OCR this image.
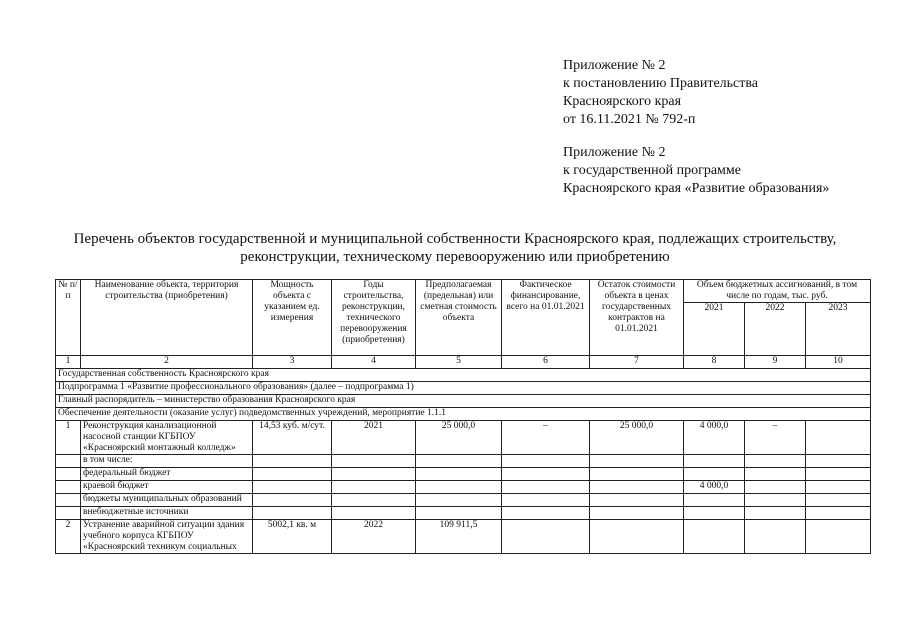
Приложение № 2
к постановлению Правительства
Красноярского края
от 16.11.2021 № 792-п
Приложение № 2
к государственной программе
Красноярского края «Развитие образования»
Перечень объектов государственной и муниципальной собственности Красноярского края, подлежащих строительству,
реконструкции, техническому перевооружению или приобретению
№ п/п	Наименование объекта, территория строительства (приобретения)	Мощность объекта с указанием ед. измерения	Годы строительства, реконструкции, технического перевооружения (приобретения)	Предполагаемая (предельная) или сметная стоимость объекта	Фактическое финансирование, всего на 01.01.2021	Остаток стоимости объекта в ценах государственных контрактов на 01.01.2021	Объем бюджетных ассигнований, в том числе по годам, тыс. руб.		
							2021	2022	2023
1	2	3	4	5	6	7	8	9	10
Государственная собственность Красноярского края									
Подпрограмма 1 «Развитие профессионального образования» (далее – подпрограмма 1)									
Главный распорядитель – министерство образования Красноярского края									
Обеспечение деятельности (оказание услуг) подведомственных учреждений, мероприятие 1.1.1									
1	Реконструкция канализационной насосной станции КГБПОУ «Красноярский монтажный колледж»	14,53 куб. м/сут.	2021	25 000,0	–	25 000,0	4 000,0	–	
	в том числе:								
	федеральный бюджет								
	краевой бюджет						4 000,0		
	бюджеты муниципальных образований								
	внебюджетные источники								
2	Устранение аварийной ситуации здания учебного корпуса КГБПОУ «Красноярский техникум социальных	5002,1 кв. м	2022	109 911,5					
